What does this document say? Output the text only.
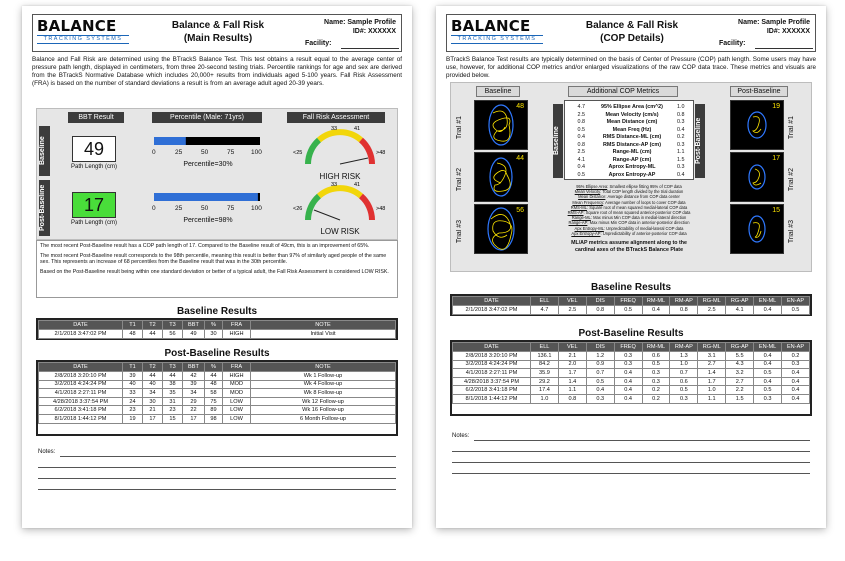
BALANCE
TRACKING SYSTEMS
Balance & Fall Risk
(Main Results)
Name: Sample Profile
ID#: XXXXXX
Facility:
Balance and Fall Risk are determined using the BTrackS Balance Test. This test obtains a result equal to the average center of pressure path length, displayed in centimeters, from three 20-second testing trials. Percentile rankings for age and sex are derived from the BTrackS Normative Database which includes 20,000+ results from individuals aged 5-100 years. Fall Risk Assessment (FRA) is based on the number of standard deviations a result is from an average adult aged 20-39 years.
BBT Result	Percentile (Male: 71yrs)	Fall Risk Assessment
Baseline
Post-Baseline
49
Path Length (cm)
17
Path Length (cm)
0	25	50	75	100
Percentile=30%
0	25	50	75	100
Percentile=98%
<25
33	41
>48
HIGH RISK
<26
33	41
>48
LOW RISK

The most recent Post-Baseline result has a COP path length of 17. Compared to the Baseline result of 49cm, this is an improvement of 65%.

The most recent Post-Baseline result corresponds to the 98th percentile, meaning this result is better than 97% of similarly aged people of the same sex. This represents an increase of 68 percentiles from the Baseline result that was in the 30th percentile.

Based on the Post-Baseline result being within one standard deviation or better of a typical adult, the Fall Risk Assessment is considered LOW RISK.

Baseline Results
DATE	T1	T2	T3	BBT	%	FRA	NOTE
2/1/2018 3:47:02 PM	48	44	56	49	30	HIGH	Initial Visit
Post-Baseline Results
DATE	T1	T2	T3	BBT	%	FRA	NOTE
2/8/2018 3:20:10 PM	39	44	44	42	44	HIGH	Wk 1 Follow-up
3/2/2018 4:24:24 PM	40	40	38	39	48	MOD	Wk 4 Follow-up
4/1/2018 2:27:11 PM	33	34	35	34	58	MOD	Wk 8 Follow-up
4/28/2018 3:37:54 PM	24	30	31	29	75	LOW	Wk 12 Follow-up
6/2/2018 3:41:18 PM	23	21	23	22	89	LOW	Wk 16 Follow-up
8/1/2018 1:44:12 PM	19	17	15	17	98	LOW	6 Month Follow-up
Notes:
BALANCE
TRACKING SYSTEMS
Balance & Fall Risk
(COP Details)
Name: Sample Profile
ID#: XXXXXX
Facility:
BTrackS Balance Test results are typically determined on the basis of Center of Pressure (COP) path length. Some users may have use, however, for additional COP metrics and/or enlarged visualizations of the raw COP data trace. These metrics and visuals are provided below.
Baseline	Additional COP Metrics	Post-Baseline
Trial #1
Trial #2
Trial #3
48
44
56
Baseline	Post-Baseline
4.7	95% Ellipse Area (cm^2)	1.0
2.5	Mean Velocity (cm/s)	0.8
0.8	Mean Distance (cm)	0.3
0.5	Mean Freq (Hz)	0.4
0.4	RMS Distance-ML (cm)	0.2
0.8	RMS Distance-AP (cm)	0.3
2.5	Range-ML (cm)	1.1
4.1	Range-AP (cm)	1.5
0.4	Aprox Entropy-ML	0.3
0.5	Aprox Entropy-AP	0.4
95% Ellipse Area: Smallest ellipse fitting 95% of COP data
Mean Velocity: Total COP length divided by the trial duration
Mean Distance: Average distance from COP data center
Mean Frequency: Average number of loops to cover COP data
RMS-ML: Square root of mean squared medial-lateral COP data
RMS-AP: Square root of mean squared anterior-posterior COP data
Range-ML: Max minus Min COP data in medial-lateral direction
Range-AP: Max minus Min COP data in anterior-posterior direction
Apx Entropy-ML: Unpredictability of medial-lateral COP data
Apx Entropy-AP: Unpredictability of anterior-posterior COP data
ML/AP metrics assume alignment along to the
cardinal axes of the BTrackS Balance Plate
19
17
15
Trial #1
Trial #2
Trial #3
Baseline Results
DATE	ELL	VEL	DIS	FREQ	RM-ML	RM-AP	RG-ML	RG-AP	EN-ML	EN-AP
2/1/2018 3:47:02 PM	4.7	2.5	0.8	0.5	0.4	0.8	2.5	4.1	0.4	0.5
Post-Baseline Results
DATE	ELL	VEL	DIS	FREQ	RM-ML	RM-AP	RG-ML	RG-AP	EN-ML	EN-AP
2/8/2018 3:20:10 PM	136.1	2.1	1.2	0.3	0.6	1.3	3.1	5.5	0.4	0.2
3/2/2018 4:24:24 PM	84.2	2.0	0.9	0.3	0.5	1.0	2.7	4.3	0.4	0.3
4/1/2018 2:27:11 PM	35.9	1.7	0.7	0.4	0.3	0.7	1.4	3.2	0.5	0.4
4/28/2018 3:37:54 PM	29.2	1.4	0.5	0.4	0.3	0.6	1.7	2.7	0.4	0.4
6/2/2018 3:41:18 PM	17.4	1.1	0.4	0.4	0.2	0.5	1.0	2.2	0.5	0.4
8/1/2018 1:44:12 PM	1.0	0.8	0.3	0.4	0.2	0.3	1.1	1.5	0.3	0.4
Notes:
